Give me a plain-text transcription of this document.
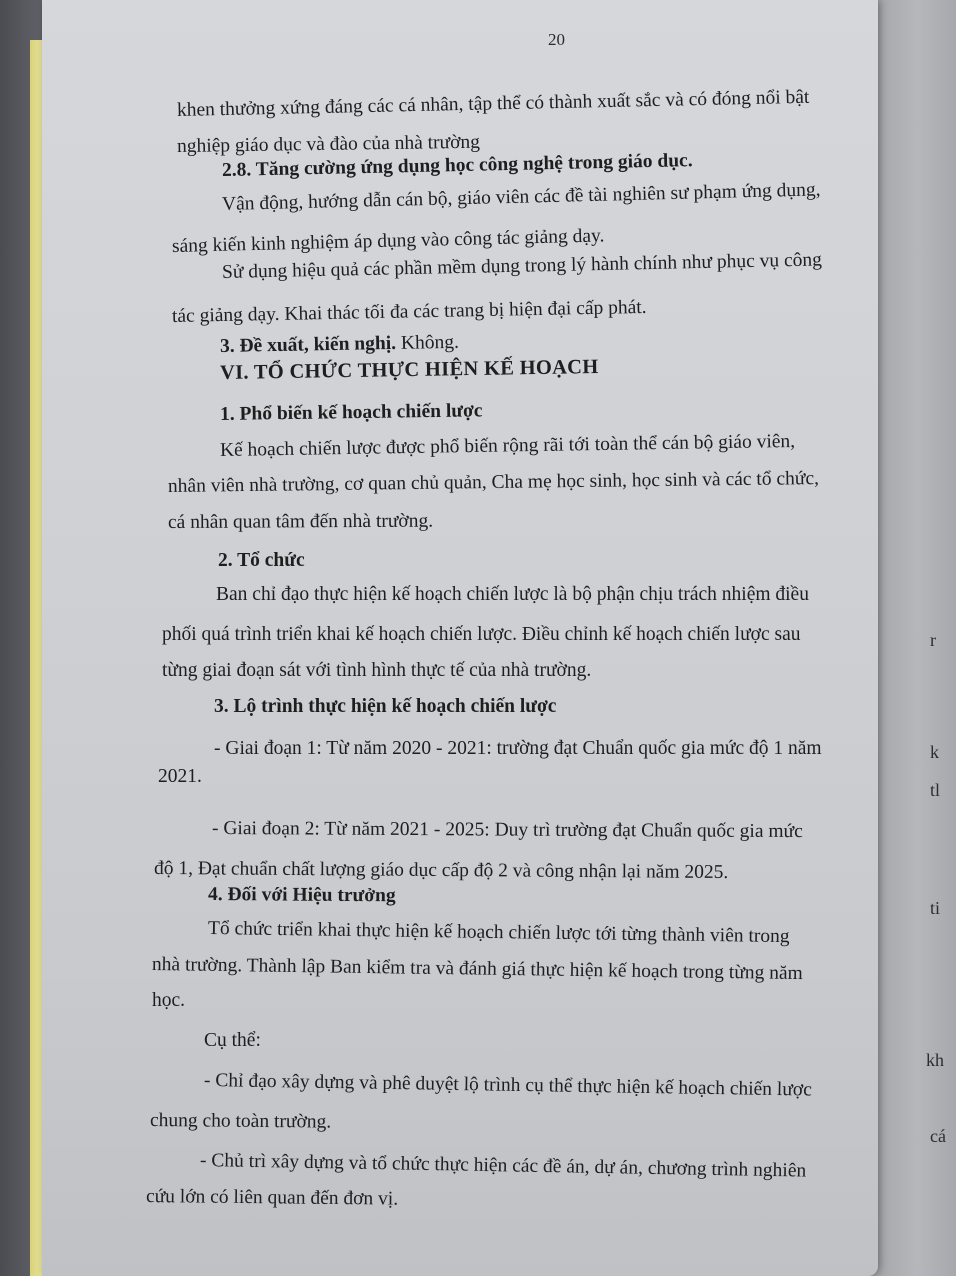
r
k
tl
ti
kh
cá
20
khen thưởng xứng đáng các cá nhân, tập thể có thành xuất sắc và có đóng nổi bật
nghiệp giáo dục và đào của nhà trường
2.8. Tăng cường ứng dụng học công nghệ trong giáo dục.
Vận động, hướng dẫn cán bộ, giáo viên các đề tài nghiên sư phạm ứng dụng,
sáng kiến kinh nghiệm áp dụng vào công tác giảng dạy.
Sử dụng hiệu quả các phần mềm dụng trong lý hành chính như phục vụ công
tác giảng dạy. Khai thác tối đa các trang bị hiện đại cấp phát.
3. Đề xuất, kiến nghị. Không.
VI. TỔ CHỨC THỰC HIỆN KẾ HOẠCH
1. Phổ biến kế hoạch chiến lược
Kế hoạch chiến lược được phổ biến rộng rãi tới toàn thể cán bộ giáo viên,
nhân viên nhà trường, cơ quan chủ quản, Cha mẹ học sinh, học sinh và các tổ chức,
cá nhân quan tâm đến nhà trường.
2. Tổ chức
Ban chỉ đạo thực hiện kế hoạch chiến lược là bộ phận chịu trách nhiệm điều
phối quá trình triển khai kế hoạch chiến lược. Điều chỉnh kế hoạch chiến lược sau
từng giai đoạn sát với tình hình thực tế của nhà trường.
3. Lộ trình thực hiện kế hoạch chiến lược
- Giai đoạn 1: Từ năm 2020 - 2021: trường đạt Chuẩn quốc gia mức độ 1 năm
2021.
- Giai đoạn 2: Từ năm 2021 - 2025: Duy trì trường đạt Chuẩn quốc gia mức
độ 1, Đạt chuẩn chất lượng giáo dục cấp độ 2 và công nhận lại năm 2025.
4. Đối với Hiệu trưởng
Tổ chức triển khai thực hiện kế hoạch chiến lược tới từng thành viên trong
nhà trường. Thành lập Ban kiểm tra và đánh giá thực hiện kế hoạch trong từng năm
học.
Cụ thể:
- Chỉ đạo xây dựng và phê duyệt lộ trình cụ thể thực hiện kế hoạch chiến lược
chung cho toàn trường.
- Chủ trì xây dựng và tổ chức thực hiện các đề án, dự án, chương trình nghiên
cứu lớn có liên quan đến đơn vị.
